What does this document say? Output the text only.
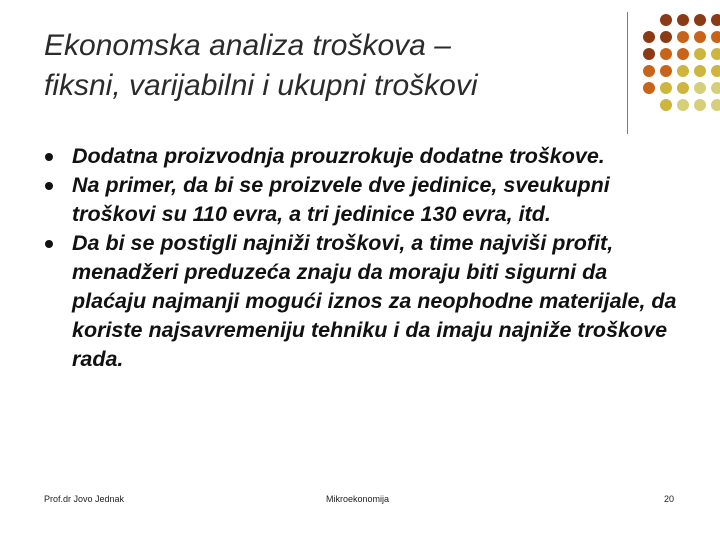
Ekonomska analiza troškova –
fiksni, varijabilni i ukupni troškovi
Dodatna proizvodnja prouzrokuje dodatne troškove.
Na primer, da bi se proizvele dve jedinice, sveukupni troškovi su 110 evra, a tri jedinice 130 evra, itd.
Da bi se postigli najniži troškovi, a time najviši profit, menadžeri preduzeća znaju da moraju biti sigurni da plaćaju najmanji mogući iznos za neophodne materijale, da koriste najsavremeniju tehniku i da imaju najniže troškove rada.
Prof.dr Jovo Jednak	Mikroekonomija	20
